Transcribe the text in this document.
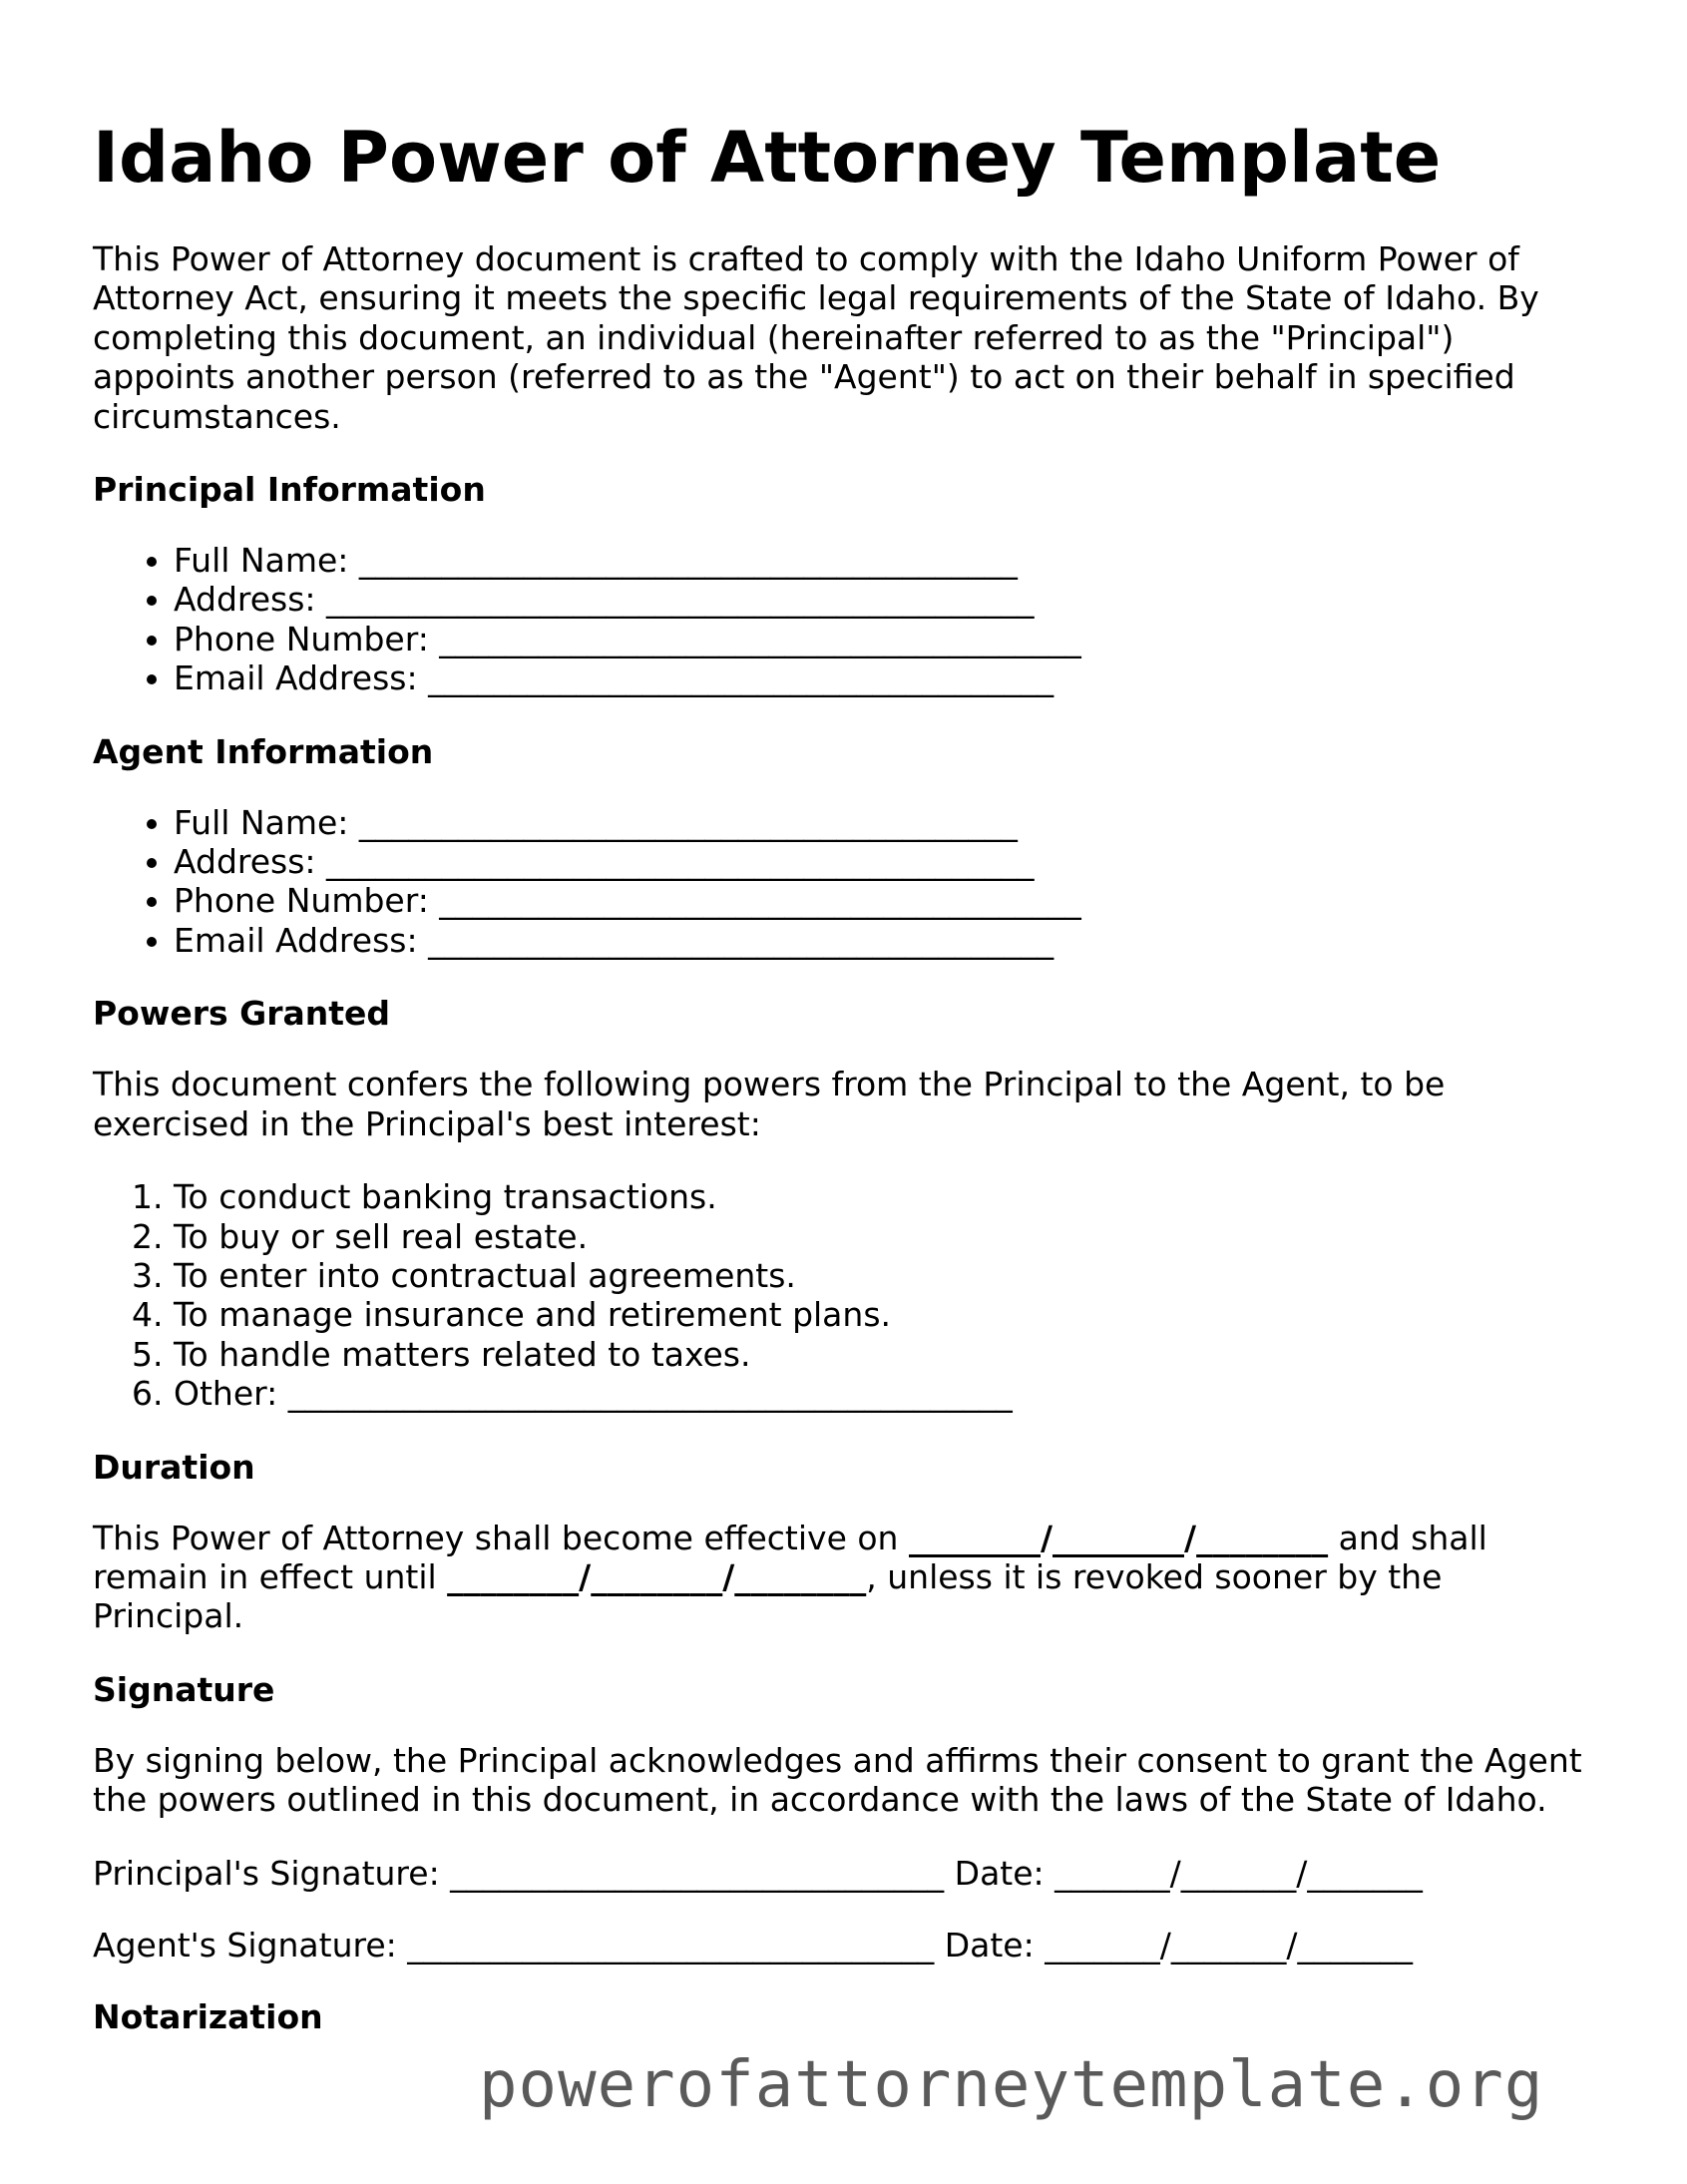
Idaho Power of Attorney Template

This Power of Attorney document is crafted to comply with the Idaho Uniform Power of Attorney Act, ensuring it meets the specific legal requirements of the State of Idaho. By completing this document, an individual (hereinafter referred to as the "Principal") appoints another person (referred to as the "Agent") to act on their behalf in specified circumstances.

Principal Information
• Full Name: ________________________________________
• Address: ___________________________________________
• Phone Number: _______________________________________
• Email Address: ______________________________________
Agent Information
• Full Name: ________________________________________
• Address: ___________________________________________
• Phone Number: _______________________________________
• Email Address: ______________________________________
Powers Granted

This document confers the following powers from the Principal to the Agent, to be exercised in the Principal's best interest:

1. To conduct banking transactions.
2. To buy or sell real estate.
3. To enter into contractual agreements.
4. To manage insurance and retirement plans.
5. To handle matters related to taxes.
6. Other: ____________________________________________
Duration

This Power of Attorney shall become effective on ________/________/________ and shall remain in effect until ________/________/________, unless it is revoked sooner by the Principal.

Signature

By signing below, the Principal acknowledges and affirms their consent to grant the Agent the powers outlined in this document, in accordance with the laws of the State of Idaho.

Principal's Signature: ______________________________ Date: _______/_______/_______
Agent's Signature: ________________________________ Date: _______/_______/_______
Notarization
powerofattorneytemplate.org
